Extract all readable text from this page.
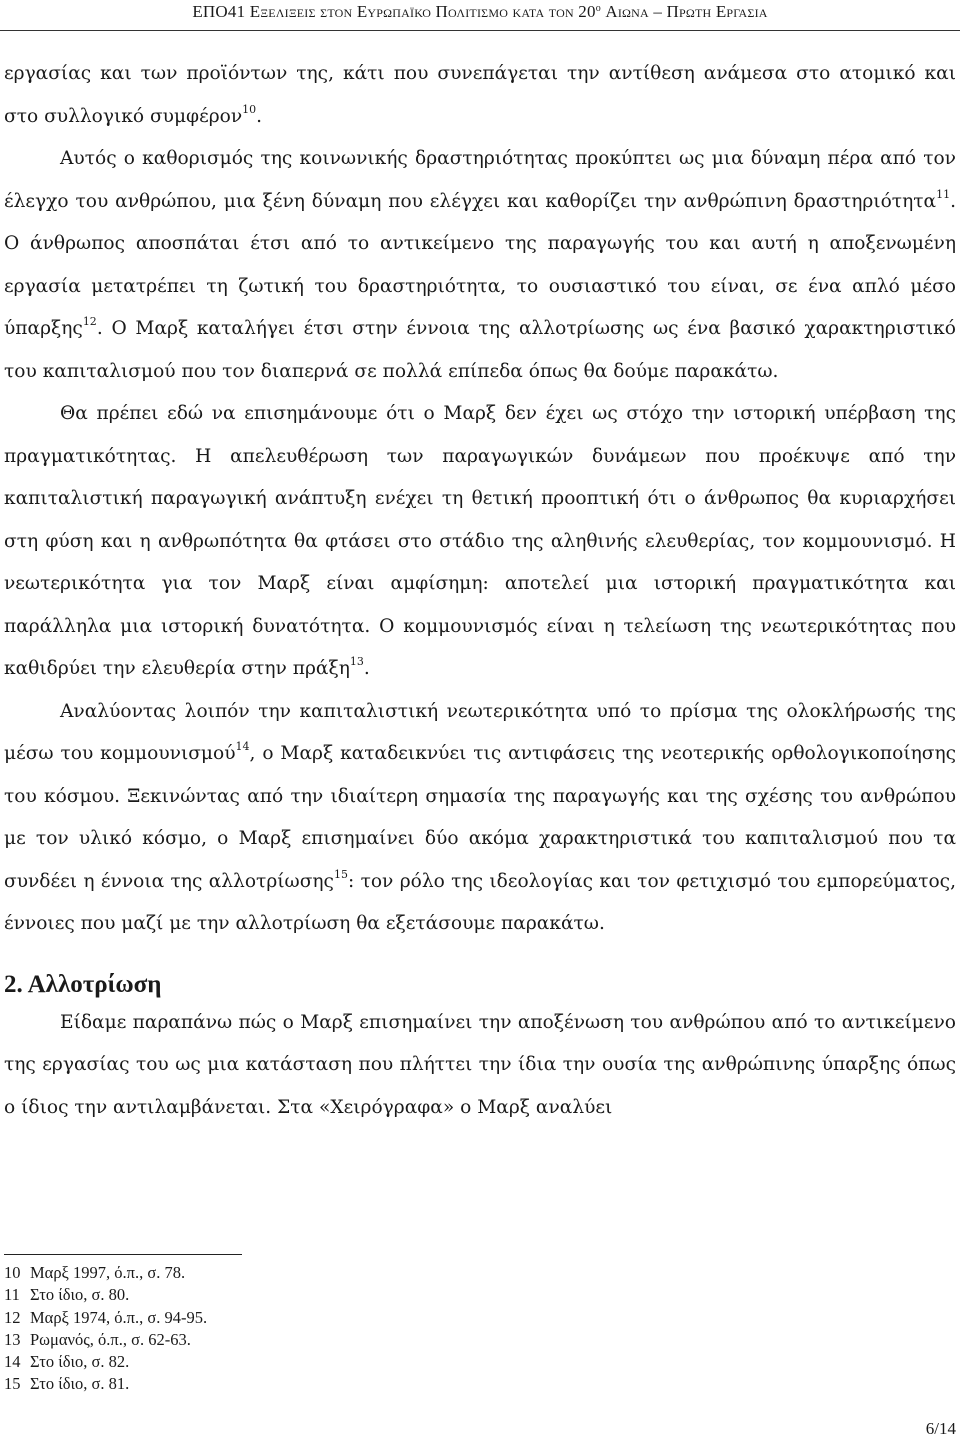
ΕΠΟ41 Εξελιξεισ στον Ευρωπαϊκο Πολιτισμο κατα τον $20^o$ Αιωνα – Πρωτη Εργασια

εργασίας και των προϊόντων της, κάτι που συνεπάγεται την αντίθεση ανάμεσα στο ατομικό και στο συλλογικό συμφέρον$^{10}$.

Αυτός ο καθορισμός της κοινωνικής δραστηριότητας προκύπτει ως μια δύναμη πέρα από τον έλεγχο του ανθρώπου, μια ξένη δύναμη που ελέγχει και καθορίζει την ανθρώπινη δραστηριότητα$^{11}$. Ο άνθρωπος αποσπάται έτσι από το αντικείμενο της παραγωγής του και αυτή η αποξενωμένη εργασία μετατρέπει τη ζωτική του δραστηριότητα, το ουσιαστικό του είναι, σε ένα απλό μέσο ύπαρξης$^{12}$. Ο Μαρξ καταλήγει έτσι στην έννοια της αλλοτρίωσης ως ένα βασικό χαρακτηριστικό του καπιταλισμού που τον διαπερνά σε πολλά επίπεδα όπως θα δούμε παρακάτω.

Θα πρέπει εδώ να επισημάνουμε ότι ο Μαρξ δεν έχει ως στόχο την ιστορική υπέρβαση της πραγματικότητας. Η απελευθέρωση των παραγωγικών δυνάμεων που προέκυψε από την καπιταλιστική παραγωγική ανάπτυξη ενέχει τη θετική προοπτική ότι ο άνθρωπος θα κυριαρχήσει στη φύση και η ανθρωπότητα θα φτάσει στο στάδιο της αληθινής ελευθερίας, τον κομμουνισμό. Η νεωτερικότητα για τον Μαρξ είναι αμφίσημη: αποτελεί μια ιστορική πραγματικότητα και παράλληλα μια ιστορική δυνατότητα. Ο κομμουνισμός είναι η τελείωση της νεωτερικότητας που καθιδρύει την ελευθερία στην πράξη$^{13}$.

Αναλύοντας λοιπόν την καπιταλιστική νεωτερικότητα υπό το πρίσμα της ολοκλήρωσής της μέσω του κομμουνισμού$^{14}$, ο Μαρξ καταδεικνύει τις αντιφάσεις της νεοτερικής ορθολογικοποίησης του κόσμου. Ξεκινώντας από την ιδιαίτερη σημασία της παραγωγής και της σχέσης του ανθρώπου με τον υλικό κόσμο, ο Μαρξ επισημαίνει δύο ακόμα χαρακτηριστικά του καπιταλισμού που τα συνδέει η έννοια της αλλοτρίωσης$^{15}$: τον ρόλο της ιδεολογίας και τον φετιχισμό του εμπορεύματος, έννοιες που μαζί με την αλλοτρίωση θα εξετάσουμε παρακάτω.

2. Αλλοτρίωση

Είδαμε παραπάνω πώς ο Μαρξ επισημαίνει την αποξένωση του ανθρώπου από το αντικείμενο της εργασίας του ως μια κατάσταση που πλήττει την ίδια την ουσία της ανθρώπινης ύπαρξης όπως ο ίδιος την αντιλαμβάνεται. Στα «Χειρόγραφα» ο Μαρξ αναλύει

10 Μαρξ 1997, ό.π., σ. 78.
11 Στο ίδιο, σ. 80.
12 Μαρξ 1974, ό.π., σ. 94-95.
13 Ρωμανός, ό.π., σ. 62-63.
14 Στο ίδιο, σ. 82.
15 Στο ίδιο, σ. 81.
6/14
